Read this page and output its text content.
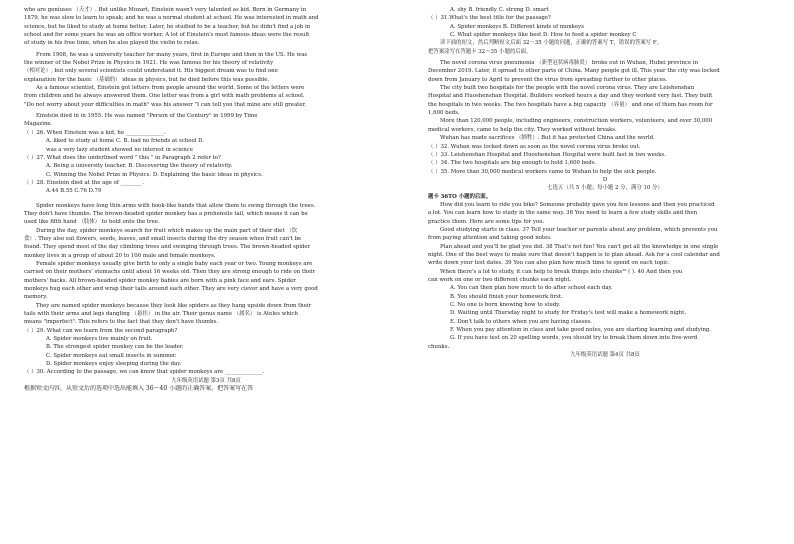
who are geniuses （天才）. But unlike Mozart, Einstein wasn't very talented as kid. Born in Germany in
1879, he was slow to learn to speak; and he was a normal student at school. He was interested in math and
science, but he liked to study at home better. Later, he studied to be a teacher, but he didn't find a job in
school and for some years he was an office worker. A lot of Einstein's most famous ideas were the result
of study in his free time, when he also played the violin to relax.
From 1908, he was a university teacher for many years, first in Europe and then in the US. He was
the winner of the Nobel Prize in Physics in 1921. He was famous for his theory of relativity
（相对论）, but only several scientists could understand it. His biggest dream was to find one
explanation for the basic （基础的） ideas in physics, but he died before this was possible.
As a famous scientist, Einstein got letters from people around the world. Some of the letters were
from children and he always answered them. One letter was from a girl with math problems at school.
"Do not worry about your difficulties in math" was his answer "I can tell you that mine are still greater.
Einstein died in in 1955. He was named "Person of the Century" in 1999 by Time
Magazine.
（ ）26. When Einstein was a kid, he ______________.
A. liked to study at home C. B. had no friends at school D.
was a very lazy student showed no interest in science
（ ）27. What does the underlined word " this " in Paragraph 2 refer to?
A. Being a university teacher. B. Discovering the theory of relativity.
C. Winning the Nobel Prize in Physics. D. Explaining the basic ideas in physics.
（ ）28. Einstein died at the age of ________.
A.44 B.55 C.76 D.79
Spider monkeys have long thin arms with hook-like hands that allow them to swing through the trees.
They don't have thumbs. The brown-headed spider monkey has a prehensile tail, which means it can be
used like fifth hand （肢体） to hold onto the tree.
During the day, spider monkeys search for fruit which makes up the main part of their diet （饮
食）. They also eat flowers, seeds, leaves, and small insects during the dry season when fruit can't be
found. They spend most of the day climbing trees and swinging through trees. The brown-headed spider
monkey lives in a group of about 20 to 100 male and female monkeys.
Female spider monkeys usually give birth to only a single baby each year or two. Young monkeys are
carried on their mothers' stomachs until about 16 weeks old. Then they are strong enough to ride on their
mothers' backs. All brown-headed spider monkey babies are born with a pink face and ears. Spider
monkeys hug each other and wrap their tails around each other. They are very clever and have a very good
memory.
They are named spider monkeys because they look like spiders as they hang upside down from their
tails with their arms and legs dangling （悬挂） in the air. Their genus name （属名） is Ateles which
means "imperfect". This refers to the fact that they don't have thumbs.
（ ）29. What can we learn from the second paragraph?
A. Spider monkeys live mainly on fruit.
B. The strongest spider monkey can be the leader.
C. Spider monkeys eat small insects in summer.
D. Spider monkeys enjoy sleeping during the day.
（ ）30. According to the passage, we can know that spider monkeys are ______________.
九年级英语试题 第3页 共8页
根据短文内容，从短文后的选项中选出能填入 36～40 小题的正确答案。把答案写在答
A. shy B. friendly C. strong D. smart
（ ）31.What's the best title for the passage?
A. Spider monkeys B. Different kinds of monkeys
C. What spider monkeys like best D. How to feed a spider monkey C
读下面的短文，然后判断短文后面 32～35 小题的问题，正确的答案写 T，错误的答案写 F。
把答案涂写在答题卡 32～35 小题的后面。
The novel corona virus pneumonia （新型冠状病毒肺炎） broke out in Wuhan, Hubei province in
December 2019. Later, it spread to other parts of China. Many people got ill. This year the city was locked
down from January to April to prevent the virus from spreading further to other places.
The city built two hospitals for the people with the novel corona virus. They are Leishenshan
Hospital and Huoshenshan Hospital. Builders worked hours a day and they worked very fast. They built
the hospitals in two weeks. The two hospitals have a big capacity （容量） and one of them has room for
1,600 beds.
More than 120,000 people, including engineers, construction workers, volunteers, and over 30,000
medical workers, came to help the city. They worked without breaks.
Wuhan has made sacrifices （牺牲）. But it has protected China and the world.
（ ）32. Wuhan was locked down as soon as the novel corona virus broke out.
（ ）33. Leishenshan Hospital and Huoshenshan Hospital were built fast in two weeks.
（ ）34. The two hospitals are big enough to hold 1,600 beds.
（ ）35. More than 30,000 medical workers came to Wuhan to help the sick people.
D
七选五（共 5 小题；每小题 2 分，满分 10 分）
题卡 36TO 小题的后面。
How did you learn to ride you bike? Someone probably gave you few lessons and then you practiced
a lot. You can learn how to study in the same way. 36 You need to learn a few study skills and then
practice them. Here are some tips for you.
Good studying starts in class. 37 Tell your teacher or parents about any problem, which prevents you
from paying attention and taking good notes.
Plan ahead and you'll be glad you did. 38 That's not fun! You can't get all the knowledge in one single
night. One of the best ways to make sure that doesn't happen is to plan ahead. Ask for a cool calendar and
write down your test dates. 39 You can also plan how much time to spend on each topic.
When there's a lot to study, it can help to break things into chunks¹⁰ ( ). 40 And then you
can work on one or two different chunks each night.
A. You can then plan how much to do after school each day.
B. You should finish your homework first.
C. No one is born knowing how to study.
D. Waiting until Thursday night to study for Friday's test will make a homework night.
E. Don't talk to others when you are having classes.
F. When you pay attention in class and take good notes, you are starting learning and studying.
G. If you have test on 20 spelling words, you should try to break them down into five-word
chunks.
九年级英语试题 第4页 共8页
